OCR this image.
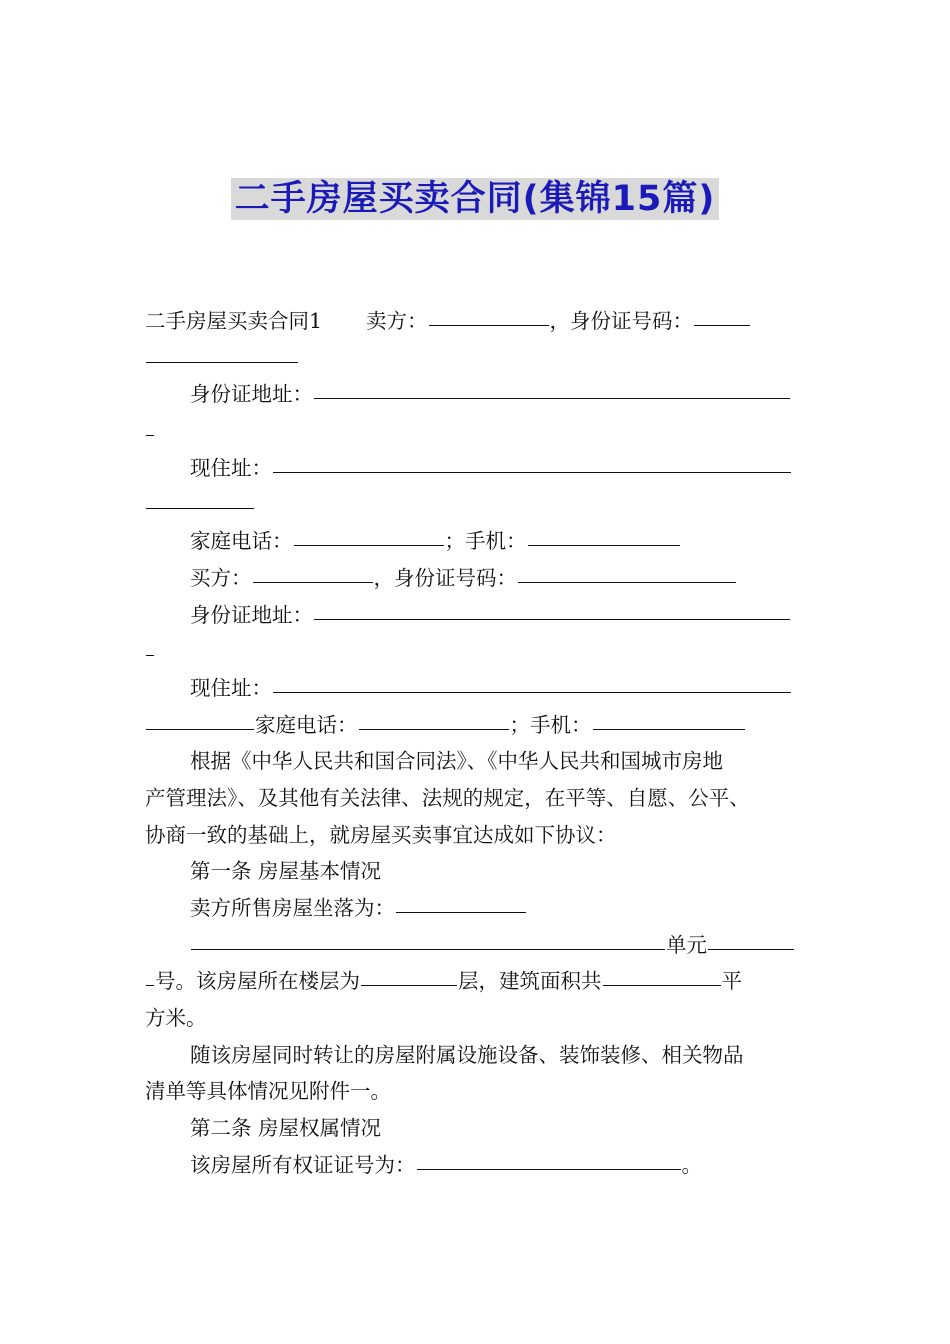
二手房屋买卖合同(集锦15篇)
二手房屋买卖合同1 卖方：	，身份证号码：
身份证地址：
现住址：
家庭电话：	；手机：
买方：	，身份证号码：
身份证地址：
现住址：
家庭电话：	；手机：
根据《中华人民共和国合同法》、《中华人民共和国城市房地
产管理法》、及其他有关法律、法规的规定，在平等、自愿、公平、
协商一致的基础上，就房屋买卖事宜达成如下协议：
第一条 房屋基本情况
卖方所售房屋坐落为：
单元
号。该房屋所在楼层为	层，建筑面积共	平
方米。
随该房屋同时转让的房屋附属设施设备、装饰装修、相关物品
清单等具体情况见附件一。
第二条 房屋权属情况
该房屋所有权证证号为：	。
